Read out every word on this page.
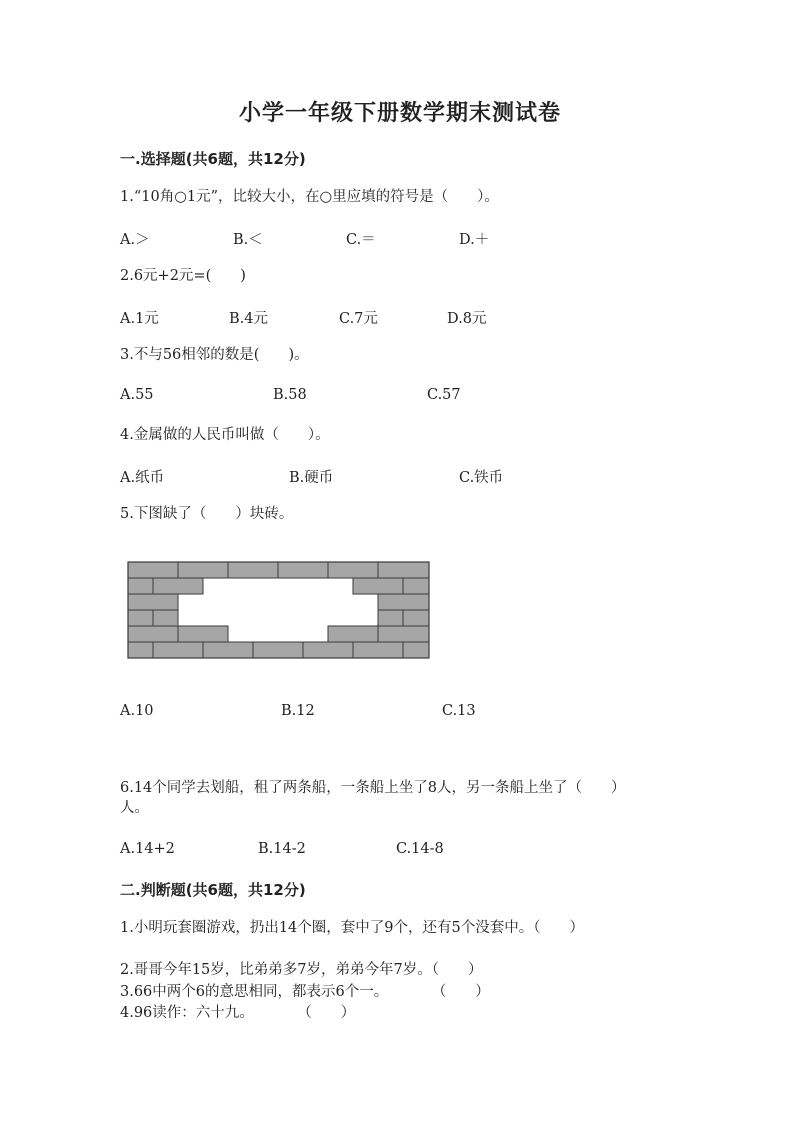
小学一年级下册数学期末测试卷
一.选择题(共6题，共12分)
1.“10角○1元”，比较大小，在○里应填的符号是（　　）。
A.＞	B.＜	C.＝	D.＋
2.6元+2元=(　　)
A.1元	B.4元	C.7元	D.8元
3.不与56相邻的数是(　　)。
A.55	B.58	C.57
4.金属做的人民币叫做（　　）。
A.纸币	B.硬币	C.铁币
5.下图缺了（　　）块砖。
A.10	B.12	C.13
6.14个同学去划船，租了两条船，一条船上坐了8人，另一条船上坐了（　　）人。
A.14+2	B.14-2	C.14-8
二.判断题(共6题，共12分)
1.小明玩套圈游戏，扔出14个圈，套中了9个，还有5个没套中。（　　）
2.哥哥今年15岁，比弟弟多7岁，弟弟今年7岁。（　　）
3.66中两个6的意思相同，都表示6个一。　　　　（　　）
4.96读作：六十九。　　　　（　　）
